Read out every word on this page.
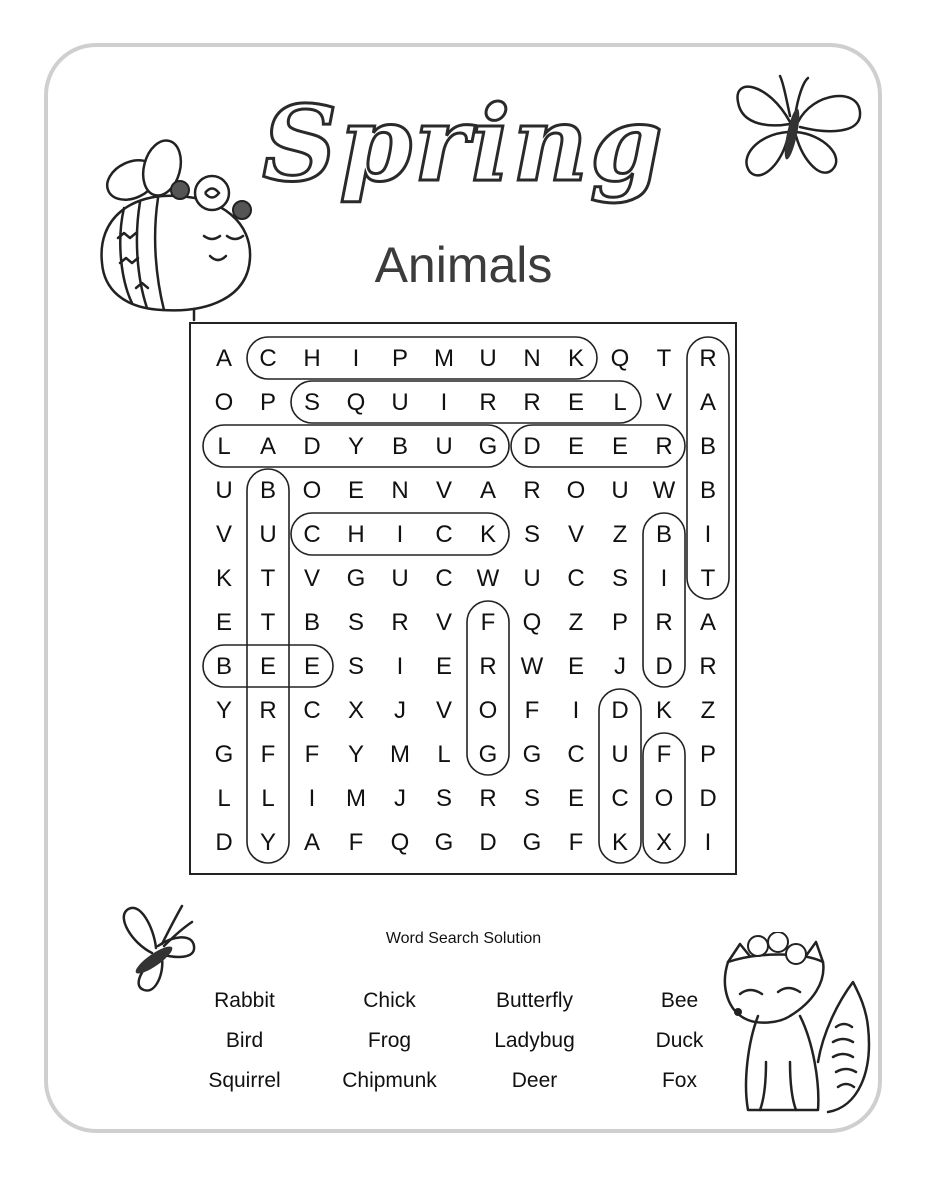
Spring
Animals
A C H I P M U N K Q T R
O P S Q U I R R E L V A
L A D Y B U G D E E R B
U B O E N V A R O U W B
V U C H I C K S V Z B I
K T V G U C W U C S I T
E T B S R V F Q Z P R A
B E E S I E R W E J D R
Y R C X J V O F I D K Z
G F F Y M L G G C U F P
L L I M J S R S E C O D
D Y A F Q G D G F K X I
Word Search Solution
Rabbit	Chick	Butterfly	Bee
Bird	Frog	Ladybug	Duck
Squirrel	Chipmunk	Deer	Fox
